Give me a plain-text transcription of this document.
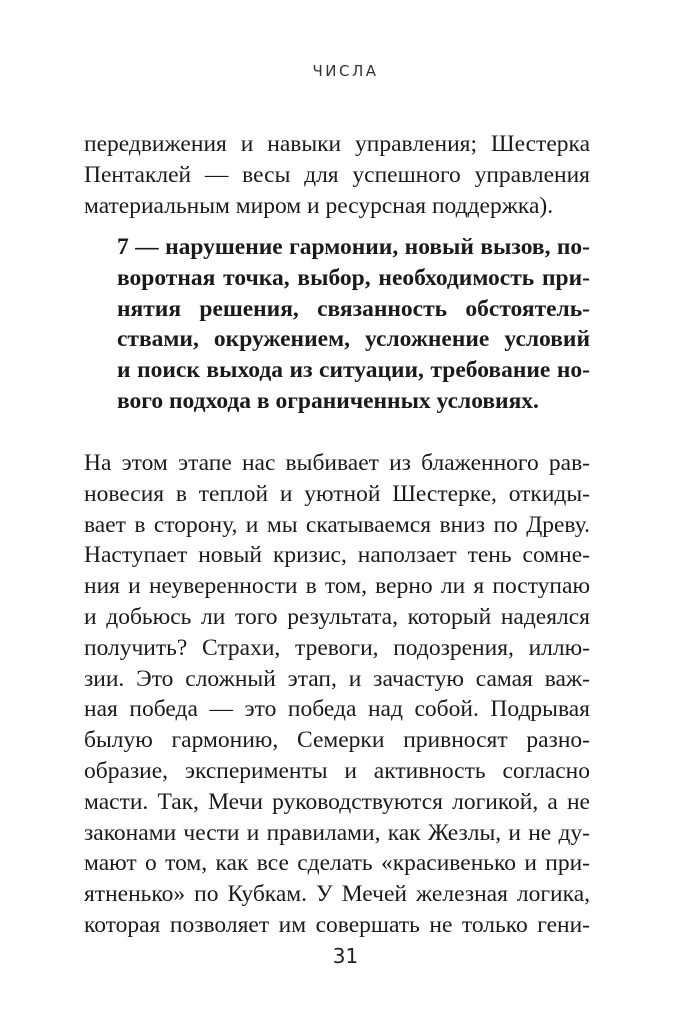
ЧИСЛА
передвижения и навыки управления; Шестерка
Пентаклей — весы для успешного управления
материальным миром и ресурсная поддержка).
7 — нарушение гармонии, новый вызов, по-
воротная точка, выбор, необходимость при-
нятия решения, связанность обстоятель-
ствами, окружением, усложнение условий
и поиск выхода из ситуации, требование но-
вого подхода в ограниченных условиях.
На этом этапе нас выбивает из блаженного рав-
новесия в теплой и уютной Шестерке, откиды-
вает в сторону, и мы скатываемся вниз по Древу.
Наступает новый кризис, наползает тень сомне-
ния и неуверенности в том, верно ли я поступаю
и добьюсь ли того результата, который надеялся
получить? Страхи, тревоги, подозрения, иллю-
зии. Это сложный этап, и зачастую самая важ-
ная победа — это победа над собой. Подрывая
былую гармонию, Семерки привносят разно-
образие, эксперименты и активность согласно
масти. Так, Мечи руководствуются логикой, а не
законами чести и правилами, как Жезлы, и не ду-
мают о том, как все сделать «красивенько и при-
ятненько» по Кубкам. У Мечей железная логика,
которая позволяет им совершать не только гени-
31
